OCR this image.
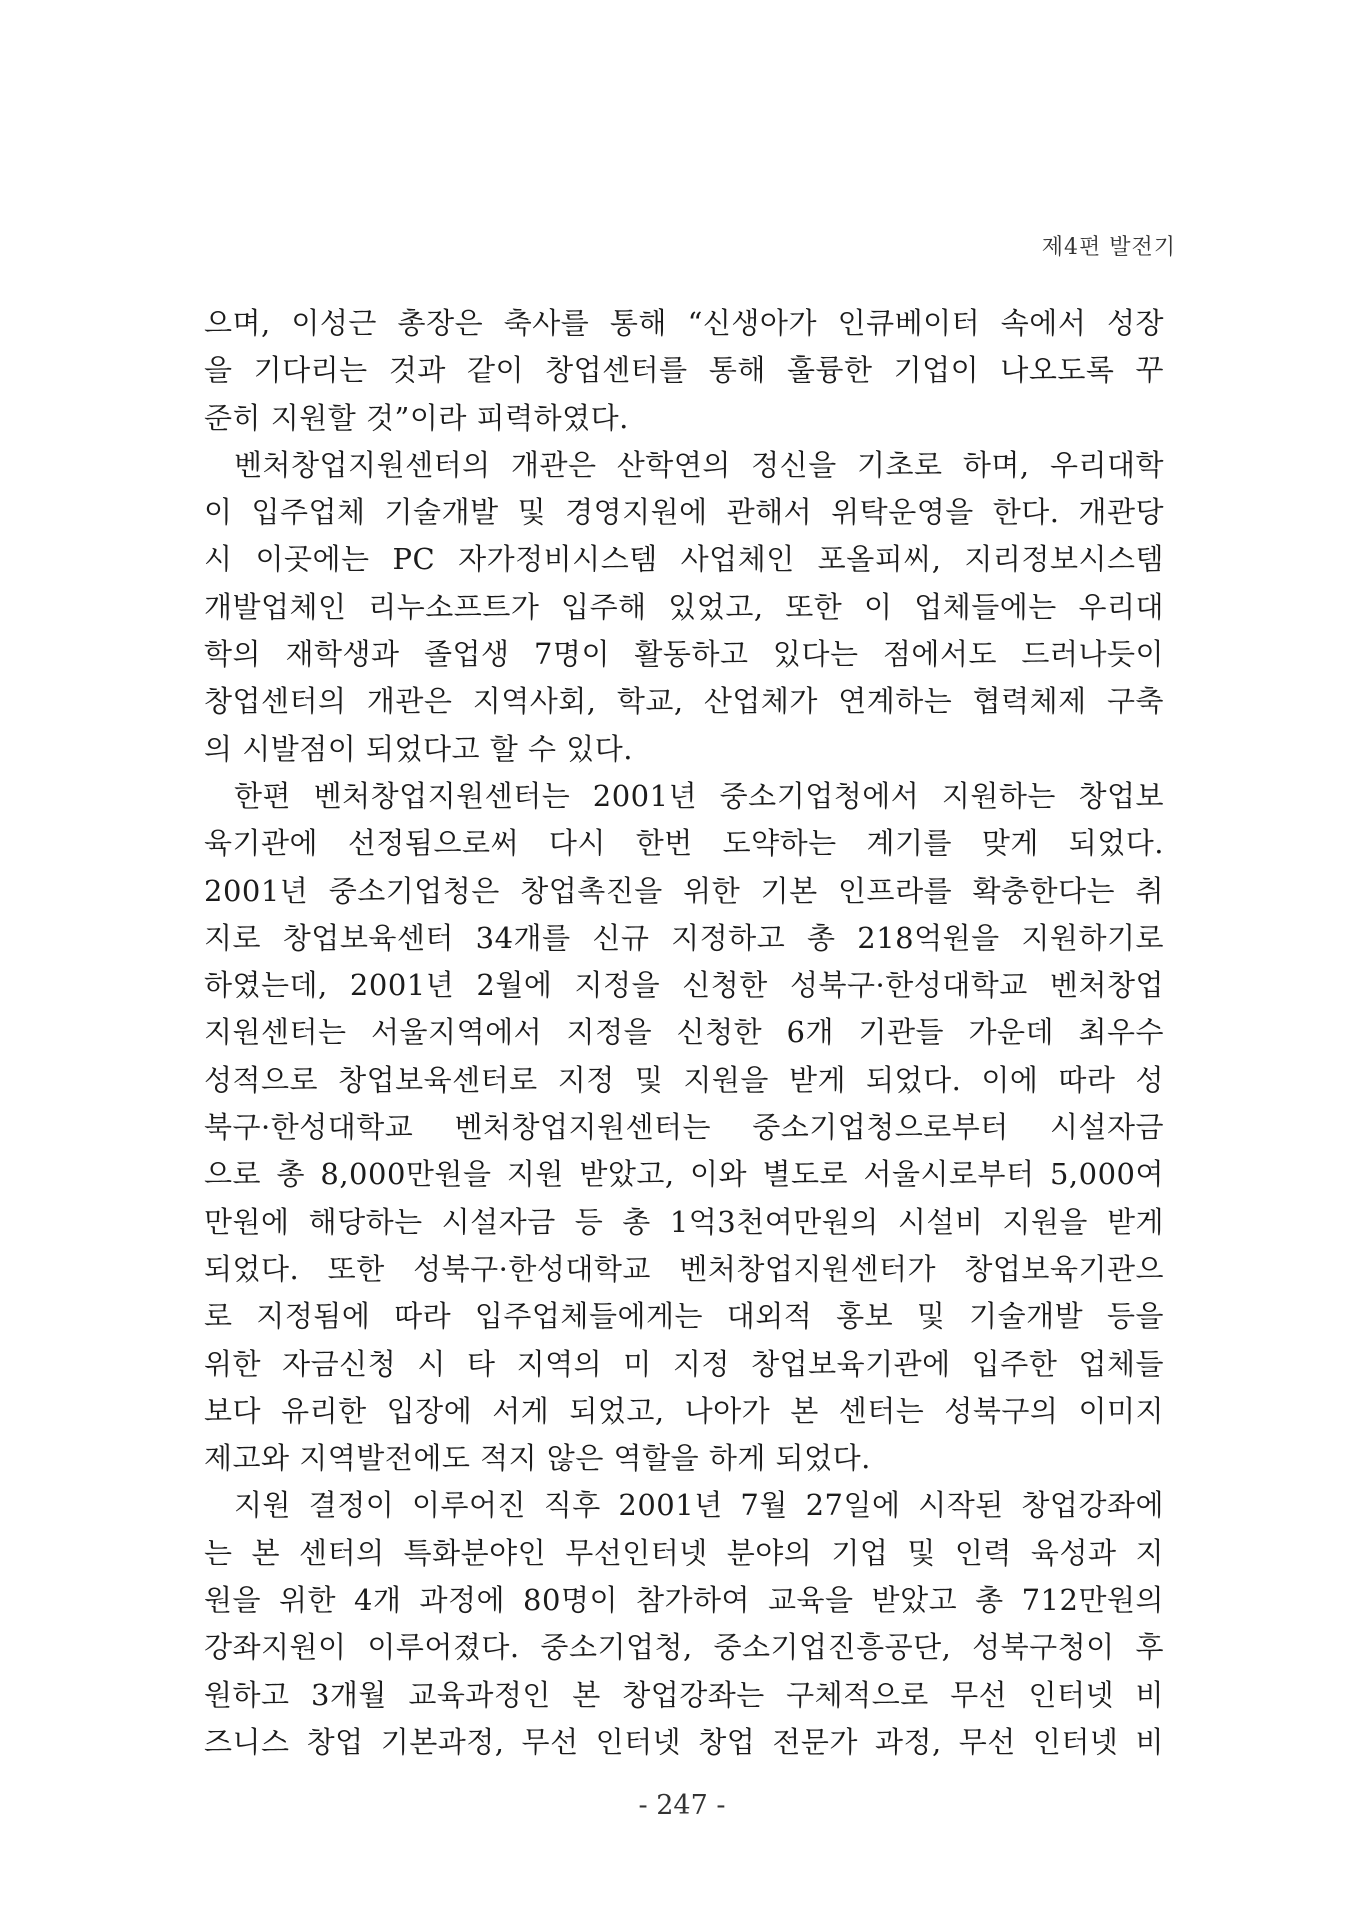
제4편 발전기
으며, 이성근 총장은 축사를 통해 “신생아가 인큐베이터 속에서 성장
을 기다리는 것과 같이 창업센터를 통해 훌륭한 기업이 나오도록 꾸
준히 지원할 것”이라 피력하였다.
벤처창업지원센터의 개관은 산학연의 정신을 기초로 하며, 우리대학
이 입주업체 기술개발 및 경영지원에 관해서 위탁운영을 한다. 개관당
시 이곳에는 PC 자가정비시스템 사업체인 포올피씨, 지리정보시스템
개발업체인 리누소프트가 입주해 있었고, 또한 이 업체들에는 우리대
학의 재학생과 졸업생 7명이 활동하고 있다는 점에서도 드러나듯이
창업센터의 개관은 지역사회, 학교, 산업체가 연계하는 협력체제 구축
의 시발점이 되었다고 할 수 있다.
한편 벤처창업지원센터는 2001년 중소기업청에서 지원하는 창업보
육기관에 선정됨으로써 다시 한번 도약하는 계기를 맞게 되었다.
2001년 중소기업청은 창업촉진을 위한 기본 인프라를 확충한다는 취
지로 창업보육센터 34개를 신규 지정하고 총 218억원을 지원하기로
하였는데, 2001년 2월에 지정을 신청한 성북구·한성대학교 벤처창업
지원센터는 서울지역에서 지정을 신청한 6개 기관들 가운데 최우수
성적으로 창업보육센터로 지정 및 지원을 받게 되었다. 이에 따라 성
북구·한성대학교 벤처창업지원센터는 중소기업청으로부터 시설자금
으로 총 8,000만원을 지원 받았고, 이와 별도로 서울시로부터 5,000여
만원에 해당하는 시설자금 등 총 1억3천여만원의 시설비 지원을 받게
되었다. 또한 성북구·한성대학교 벤처창업지원센터가 창업보육기관으
로 지정됨에 따라 입주업체들에게는 대외적 홍보 및 기술개발 등을
위한 자금신청 시 타 지역의 미 지정 창업보육기관에 입주한 업체들
보다 유리한 입장에 서게 되었고, 나아가 본 센터는 성북구의 이미지
제고와 지역발전에도 적지 않은 역할을 하게 되었다.
지원 결정이 이루어진 직후 2001년 7월 27일에 시작된 창업강좌에
는 본 센터의 특화분야인 무선인터넷 분야의 기업 및 인력 육성과 지
원을 위한 4개 과정에 80명이 참가하여 교육을 받았고 총 712만원의
강좌지원이 이루어졌다. 중소기업청, 중소기업진흥공단, 성북구청이 후
원하고 3개월 교육과정인 본 창업강좌는 구체적으로 무선 인터넷 비
즈니스 창업 기본과정, 무선 인터넷 창업 전문가 과정, 무선 인터넷 비
- 247 -
